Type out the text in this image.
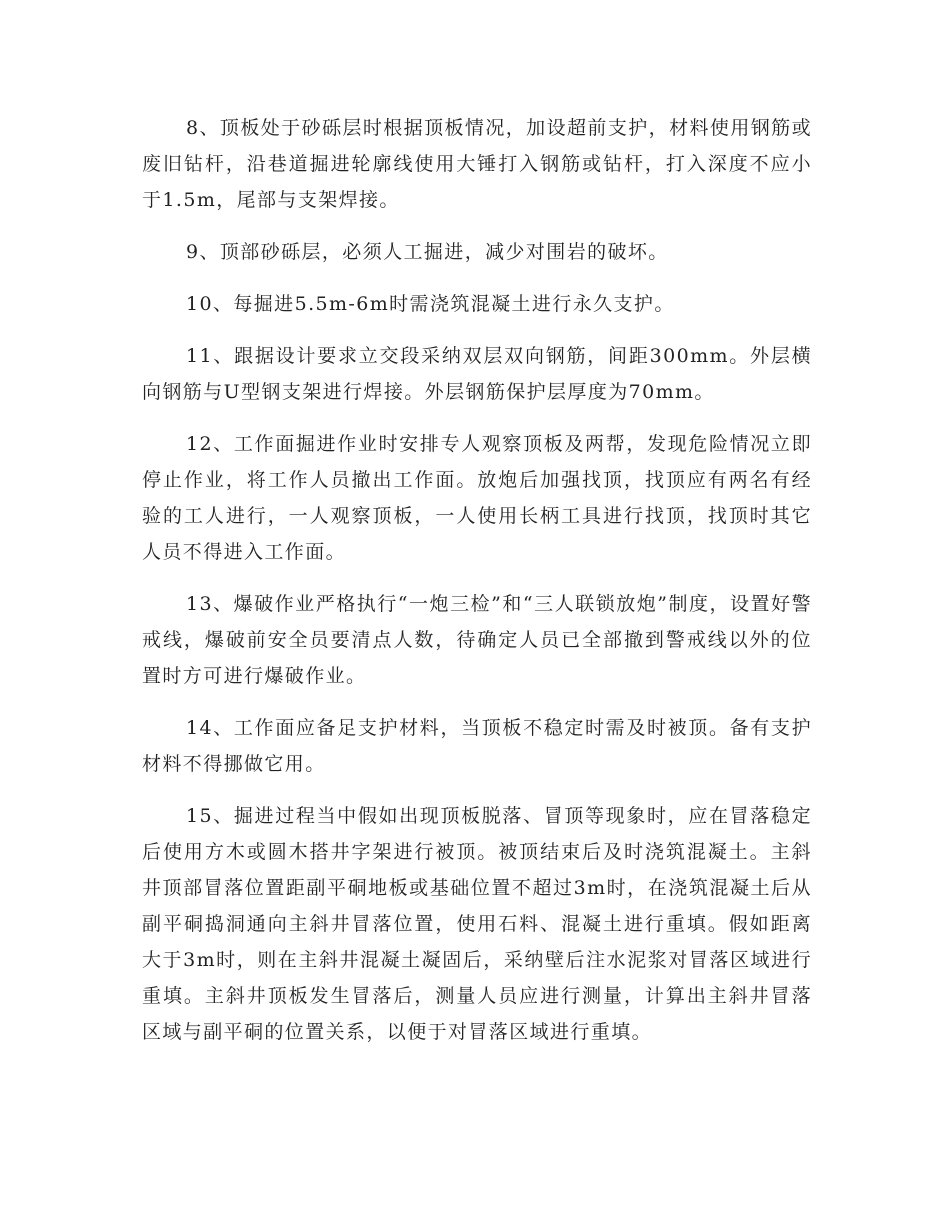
8、顶板处于砂砾层时根据顶板情况，加设超前支护，材料使用钢筋或废旧钻杆，沿巷道掘进轮廓线使用大锤打入钢筋或钻杆，打入深度不应小于1.5m，尾部与支架焊接。

9、顶部砂砾层，必须人工掘进，减少对围岩的破坏。

10、每掘进5.5m-6m时需浇筑混凝土进行永久支护。

11、跟据设计要求立交段采纳双层双向钢筋，间距300mm。外层横向钢筋与U型钢支架进行焊接。外层钢筋保护层厚度为70mm。

12、工作面掘进作业时安排专人观察顶板及两帮，发现危险情况立即停止作业，将工作人员撤出工作面。放炮后加强找顶，找顶应有两名有经验的工人进行，一人观察顶板，一人使用长柄工具进行找顶，找顶时其它人员不得进入工作面。

13、爆破作业严格执行“一炮三检”和“三人联锁放炮”制度，设置好警戒线，爆破前安全员要清点人数，待确定人员已全部撤到警戒线以外的位置时方可进行爆破作业。

14、工作面应备足支护材料，当顶板不稳定时需及时被顶。备有支护材料不得挪做它用。

15、掘进过程当中假如出现顶板脱落、冒顶等现象时，应在冒落稳定后使用方木或圆木搭井字架进行被顶。被顶结束后及时浇筑混凝土。主斜井顶部冒落位置距副平硐地板或基础位置不超过3m时，在浇筑混凝土后从副平硐捣洞通向主斜井冒落位置，使用石料、混凝土进行重填。假如距离大于3m时，则在主斜井混凝土凝固后，采纳壁后注水泥浆对冒落区域进行重填。主斜井顶板发生冒落后，测量人员应进行测量，计算出主斜井冒落区域与副平硐的位置关系，以便于对冒落区域进行重填。
